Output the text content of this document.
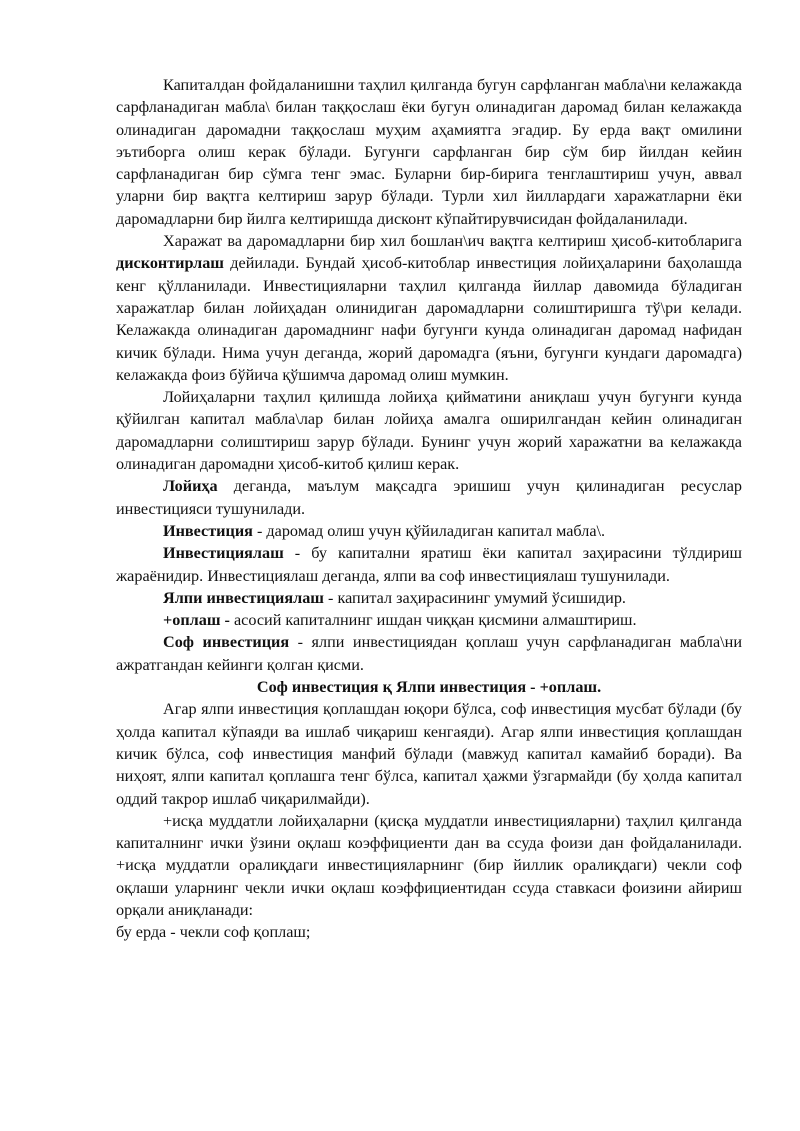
Капиталдан фойдаланишни таҳлил қилганда бугун сарфланган мабла\ни келажакда сарфланадиган мабла\ билан таққослаш ёки бугун олинадиган даромад билан келажакда олинадиган даромадни таққослаш муҳим аҳамиятга эгадир. Бу ерда вақт омилини эътиборга олиш керак бўлади. Бугунги сарфланган бир сўм бир йилдан кейин сарфланадиган бир сўмга тенг эмас. Буларни бир-бирига тенглаштириш учун, аввал уларни бир вақтга келтириш зарур бўлади. Турли хил йиллардаги харажатларни ёки даромадларни бир йилга келтиришда дисконт кўпайтирувчисидан фойдаланилади.

Харажат ва даромадларни бир хил бошлан\ич вақтга келтириш ҳисоб-китобларига дисконтирлаш дейилади. Бундай ҳисоб-китоблар инвестиция лойиҳаларини баҳолашда кенг қўлланилади. Инвестицияларни таҳлил қилганда йиллар давомида бўладиган харажатлар билан лойиҳадан олинидиган даромадларни солиштиришга тў\ри келади. Келажакда олинадиган даромаднинг нафи бугунги кунда олинадиган даромад нафидан кичик бўлади. Нима учун деганда, жорий даромадга (яъни, бугунги кундаги даромадга) келажакда фоиз бўйича қўшимча даромад олиш мумкин.

Лойиҳаларни таҳлил қилишда лойиҳа қийматини аниқлаш учун бугунги кунда қўйилган капитал мабла\лар билан лойиҳа амалга оширилгандан кейин олинадиган даромадларни солиштириш зарур бўлади. Бунинг учун жорий харажатни ва келажакда олинадиган даромадни ҳисоб-китоб қилиш керак.

Лойиҳа деганда, маълум мақсадга эришиш учун қилинадиган ресуслар инвестицияси тушунилади.

Инвестиция - даромад олиш учун қўйиладиган капитал мабла\.

Инвестициялаш - бу капитални яратиш ёки капитал заҳирасини тўлдириш жараёнидир. Инвестициялаш деганда, ялпи ва соф инвестициялаш тушунилади.

Ялпи инвестициялаш - капитал заҳирасининг умумий ўсишидир.

+оплаш - асосий капиталнинг ишдан чиққан қисмини алмаштириш.

Соф инвестиция - ялпи инвестициядан қоплаш учун сарфланадиган мабла\ни ажратгандан кейинги қолган қисми.

Соф инвестиция қ Ялпи инвестиция - +оплаш.

Агар ялпи инвестиция қоплашдан юқори бўлса, соф инвестиция мусбат бўлади (бу ҳолда капитал кўпаяди ва ишлаб чиқариш кенгаяди). Агар ялпи инвестиция қоплашдан кичик бўлса, соф инвестиция манфий бўлади (мавжуд капитал камайиб боради). Ва ниҳоят, ялпи капитал қоплашга тенг бўлса, капитал ҳажми ўзгармайди (бу ҳолда капитал оддий такрор ишлаб чиқарилмайди).

+исқа муддатли лойиҳаларни (қисқа муддатли инвестицияларни) таҳлил қилганда капиталнинг ички ўзини оқлаш коэффициенти дан ва ссуда фоизи дан фойдаланилади. +исқа муддатли оралиқдаги инвестицияларнинг (бир йиллик оралиқдаги) чекли соф оқлаши уларнинг чекли ички оқлаш коэффициентидан ссуда ставкаси фоизини айириш орқали аниқланади:

бу ерда - чекли соф қоплаш;
